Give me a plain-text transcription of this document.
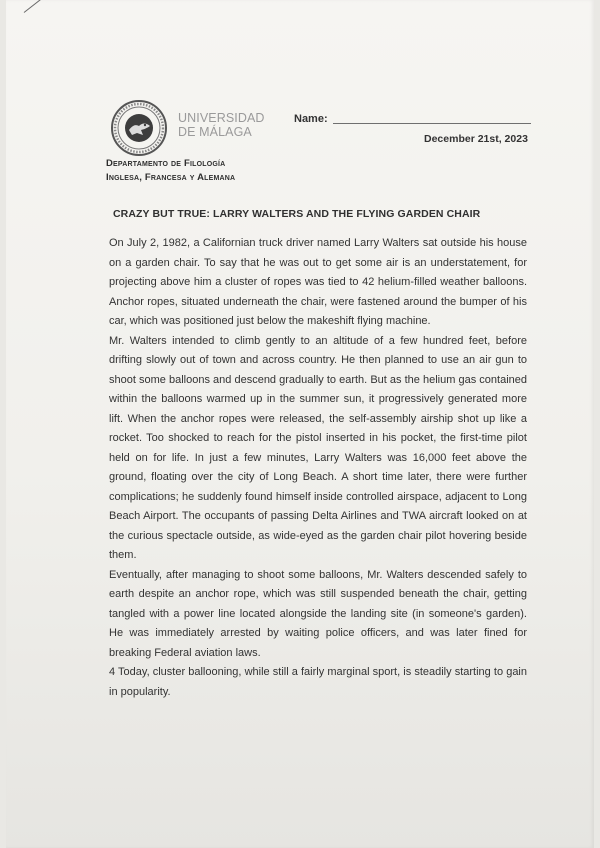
UNIVERSIDAD
DE MÁLAGA
Name:
December 21st, 2023
Departamento de Filología
Inglesa, Francesa y Alemana
CRAZY BUT TRUE: LARRY WALTERS AND THE FLYING GARDEN CHAIR

On July 2, 1982, a Californian truck driver named Larry Walters sat outside his house on a garden chair. To say that he was out to get some air is an understatement, for projecting above him a cluster of ropes was tied to 42 helium-filled weather balloons. Anchor ropes, situated underneath the chair, were fastened around the bumper of his car, which was positioned just below the makeshift flying machine.

Mr. Walters intended to climb gently to an altitude of a few hundred feet, before drifting slowly out of town and across country. He then planned to use an air gun to shoot some balloons and descend gradually to earth. But as the helium gas contained within the balloons warmed up in the summer sun, it progressively generated more lift. When the anchor ropes were released, the self-assembly airship shot up like a rocket. Too shocked to reach for the pistol inserted in his pocket, the first-time pilot held on for life. In just a few minutes, Larry Walters was 16,000 feet above the ground, floating over the city of Long Beach. A short time later, there were further complications; he suddenly found himself inside controlled airspace, adjacent to Long Beach Airport. The occupants of passing Delta Airlines and TWA aircraft looked on at the curious spectacle outside, as wide-eyed as the garden chair pilot hovering beside them.

Eventually, after managing to shoot some balloons, Mr. Walters descended safely to earth despite an anchor rope, which was still suspended beneath the chair, getting tangled with a power line located alongside the landing site (in someone's garden). He was immediately arrested by waiting police officers, and was later fined for breaking Federal aviation laws.

4 Today, cluster ballooning, while still a fairly marginal sport, is steadily starting to gain in popularity.
